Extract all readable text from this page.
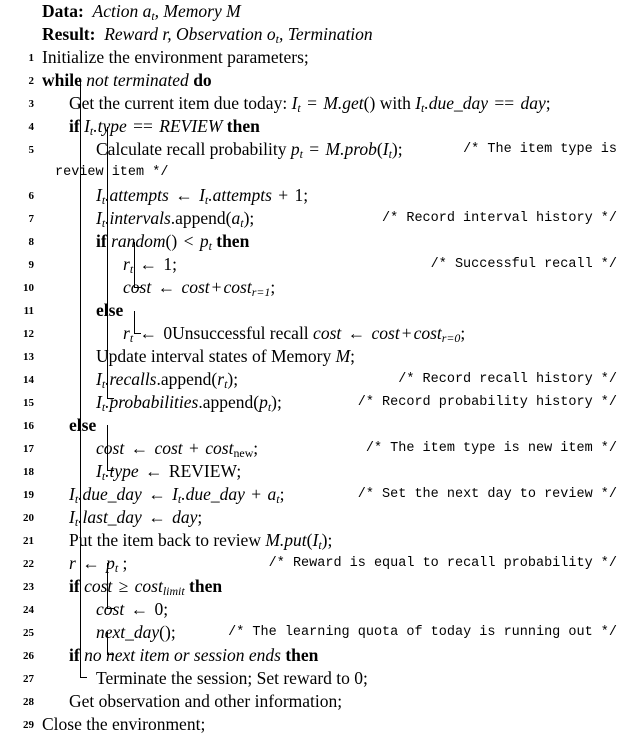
Data:  Action $a_t$, Memory M
Result:  Reward r, Observation $o_t$, Termination
1 Initialize the environment parameters;
2 while not terminated do
3	Get the current item due today: $I_t = M.get()$ with $I_t.due\_day$ == day;
4	if $I_t.type$ == REVIEW then
5	Calculate recall probability $p_t$ = $M.prob(I_t)$;	/* The item type is
review item */
6	$I_t.attempts$ ← $I_t.attempts + 1$;
7	$I_t.intervals.append(a_t)$;	/* Record interval history */
8	if random() < $p_t$ then
9	$r_t$ ← 1;	/* Successful recall */
10	cost ← cost + cost$_{r=1}$;
11	else
12	$r_t$ ← 0Unsuccessful recall cost ← cost + cost$_{r=0}$;
13	Update interval states of Memory M;
14	$I_t.recalls.append(r_t)$;	/* Record recall history */
15	$I_t.probabilities.append(p_t)$;	/* Record probability history */
16	else
17	cost ← cost + cost$_{new}$;	/* The item type is new item */
18	$I_t.type$ ← REVIEW;
19	$I_t.due\_day$ ← $I_t.due\_day + a_t$;	/* Set the next day to review */
20	$I_t.last\_day$ ← day;
21	Put the item back to review $M.put(I_t)$;
22	r ← $p_t$ ;	/* Reward is equal to recall probability */
23	if cost ≥ cost$_{limit}$ then
24	cost ← 0;
25	next_day();	/* The learning quota of today is running out */
26	if no next item or session ends then
27	Terminate the session; Set reward to 0;
28	Get observation and other information;
29 Close the environment;
